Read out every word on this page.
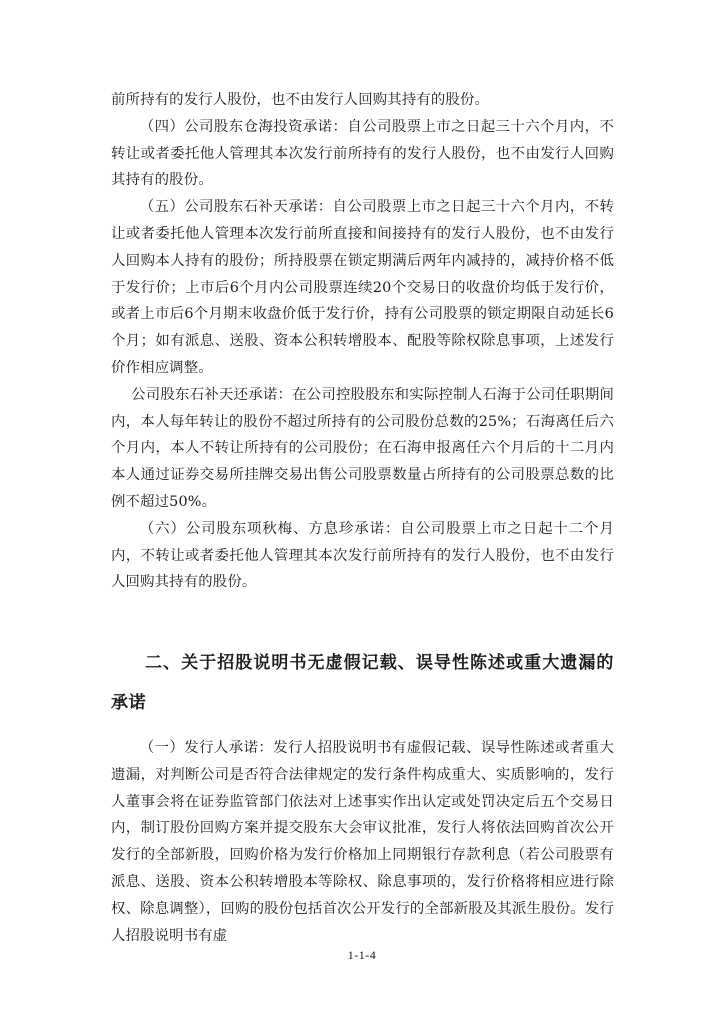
前所持有的发行人股份，也不由发行人回购其持有的股份。

（四）公司股东仓海投资承诺：自公司股票上市之日起三十六个月内，不转让或者委托他人管理其本次发行前所持有的发行人股份，也不由发行人回购其持有的股份。

（五）公司股东石补天承诺：自公司股票上市之日起三十六个月内，不转让或者委托他人管理本次发行前所直接和间接持有的发行人股份，也不由发行人回购本人持有的股份；所持股票在锁定期满后两年内减持的，减持价格不低于发行价；上市后6个月内公司股票连续20个交易日的收盘价均低于发行价，或者上市后6个月期末收盘价低于发行价，持有公司股票的锁定期限自动延长6个月；如有派息、送股、资本公积转增股本、配股等除权除息事项，上述发行价作相应调整。

公司股东石补天还承诺：在公司控股股东和实际控制人石海于公司任职期间内，本人每年转让的股份不超过所持有的公司股份总数的25%；石海离任后六个月内，本人不转让所持有的公司股份；在石海申报离任六个月后的十二月内本人通过证券交易所挂牌交易出售公司股票数量占所持有的公司股票总数的比例不超过50%。

（六）公司股东项秋梅、方息珍承诺：自公司股票上市之日起十二个月内，不转让或者委托他人管理其本次发行前所持有的发行人股份，也不由发行人回购其持有的股份。

二、关于招股说明书无虚假记载、误导性陈述或重大遗漏的承诺

（一）发行人承诺：发行人招股说明书有虚假记载、误导性陈述或者重大遗漏，对判断公司是否符合法律规定的发行条件构成重大、实质影响的，发行人董事会将在证券监管部门依法对上述事实作出认定或处罚决定后五个交易日内，制订股份回购方案并提交股东大会审议批准，发行人将依法回购首次公开发行的全部新股，回购价格为发行价格加上同期银行存款利息（若公司股票有派息、送股、资本公积转增股本等除权、除息事项的，发行价格将相应进行除权、除息调整），回购的股份包括首次公开发行的全部新股及其派生股份。发行人招股说明书有虚

1-1-4
